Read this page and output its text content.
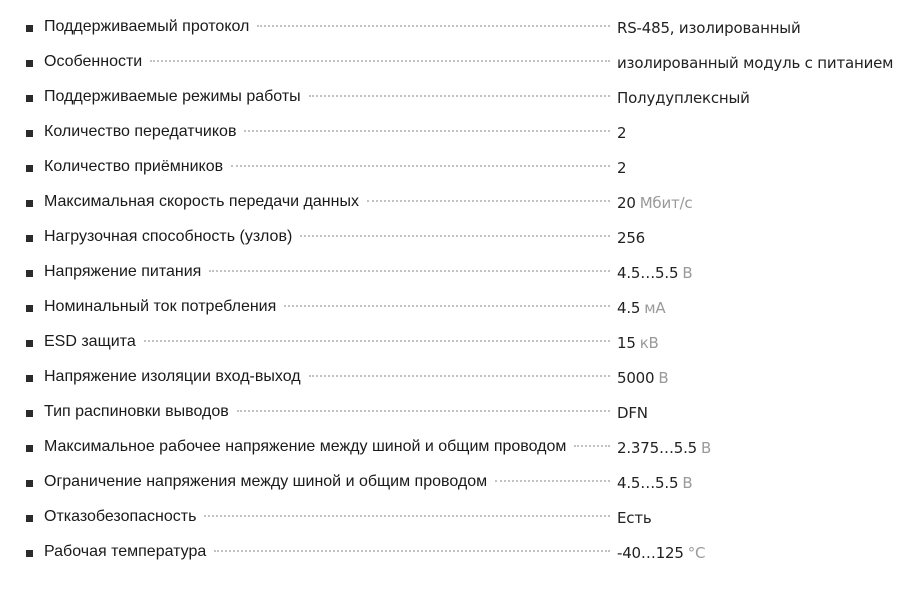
Поддерживаемый протокол	RS-485, изолированный
Особенности	изолированный модуль с питанием
Поддерживаемые режимы работы	Полудуплексный
Количество передатчиков	2
Количество приёмников	2
Максимальная скорость передачи данных	20 Мбит/с
Нагрузочная способность (узлов)	256
Напряжение питания	4.5…5.5 В
Номинальный ток потребления	4.5 мА
ESD защита	15 кВ
Напряжение изоляции вход-выход	5000 В
Тип распиновки выводов	DFN
Максимальное рабочее напряжение между шиной и общим проводом	2.375…5.5 В
Ограничение напряжения между шиной и общим проводом	4.5…5.5 В
Отказобезопасность	Есть
Рабочая температура	-40…125 °C
